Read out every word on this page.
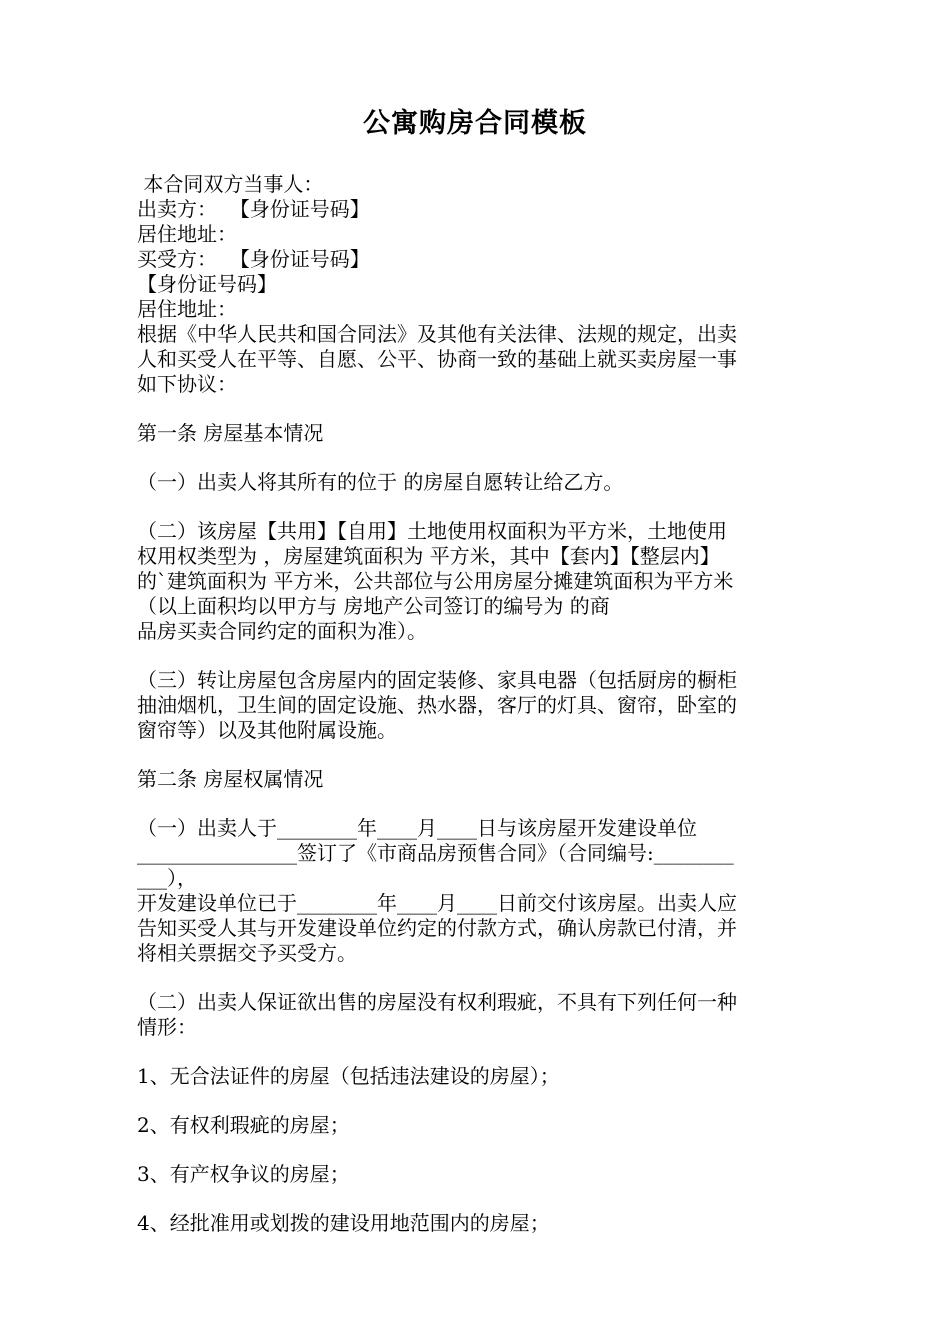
公寓购房合同模板
本合同双方当事人：
出卖方：  【身份证号码】
居住地址：
买受方：  【身份证号码】
【身份证号码】
居住地址：
根据《中华人民共和国合同法》及其他有关法律、法规的规定，出卖
人和买受人在平等、自愿、公平、协商一致的基础上就买卖房屋一事
如下协议：
第一条 房屋基本情况
（一）出卖人将其所有的位于 的房屋自愿转让给乙方。
（二）该房屋【共用】【自用】土地使用权面积为平方米，土地使用
权用权类型为 ，房屋建筑面积为 平方米，其中【套内】【整层内】
的`建筑面积为 平方米，公共部位与公用房屋分摊建筑面积为平方米
（以上面积均以甲方与 房地产公司签订的编号为 的商
品房买卖合同约定的面积为准）。
（三）转让房屋包含房屋内的固定装修、家具电器（包括厨房的橱柜
抽油烟机，卫生间的固定设施、热水器，客厅的灯具、窗帘，卧室的
窗帘等）以及其他附属设施。
第二条 房屋权属情况
（一）出卖人于________年____月____日与该房屋开发建设单位
________________签订了《市商品房预售合同》（合同编号:________
___），
开发建设单位已于________年____月____日前交付该房屋。出卖人应
告知买受人其与开发建设单位约定的付款方式，确认房款已付清，并
将相关票据交予买受方。
（二）出卖人保证欲出售的房屋没有权利瑕疵，不具有下列任何一种
情形：
1、无合法证件的房屋（包括违法建设的房屋）；
2、有权利瑕疵的房屋；
3、有产权争议的房屋；
4、经批准用或划拨的建设用地范围内的房屋；
